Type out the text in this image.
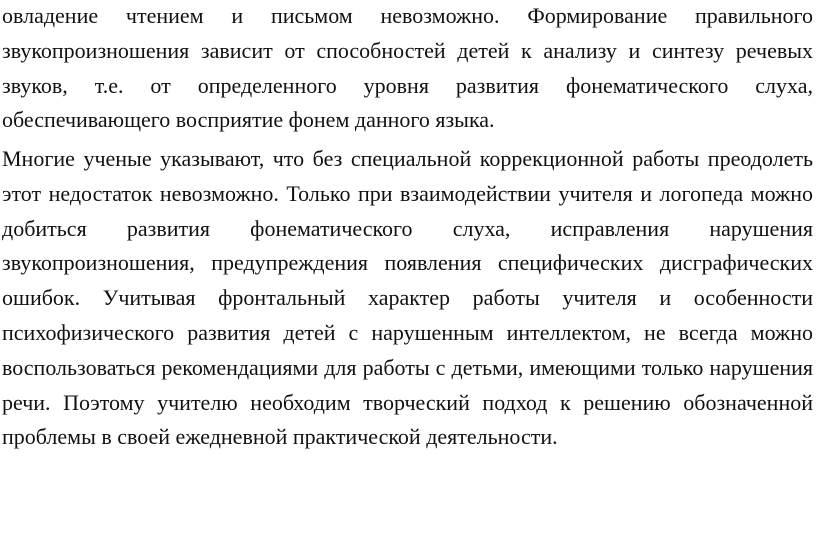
овладение чтением и письмом невозможно. Формирование правильного звукопроизношения зависит от способностей детей к анализу и синтезу речевых звуков, т.е. от определенного уровня развития фонематического слуха, обеспечивающего восприятие фонем данного языка.

Многие ученые указывают, что без специальной коррекционной работы преодолеть этот недостаток невозможно. Только при взаимодействии учителя и логопеда можно добиться развития фонематического слуха, исправления нарушения звукопроизношения, предупреждения появления специфических дисграфических ошибок. Учитывая фронтальный характер работы учителя и особенности психофизического развития детей с нарушенным интеллектом, не всегда можно воспользоваться рекомендациями для работы с детьми, имеющими только нарушения речи. Поэтому учителю необходим творческий подход к решению обозначенной проблемы в своей ежедневной практической деятельности.
